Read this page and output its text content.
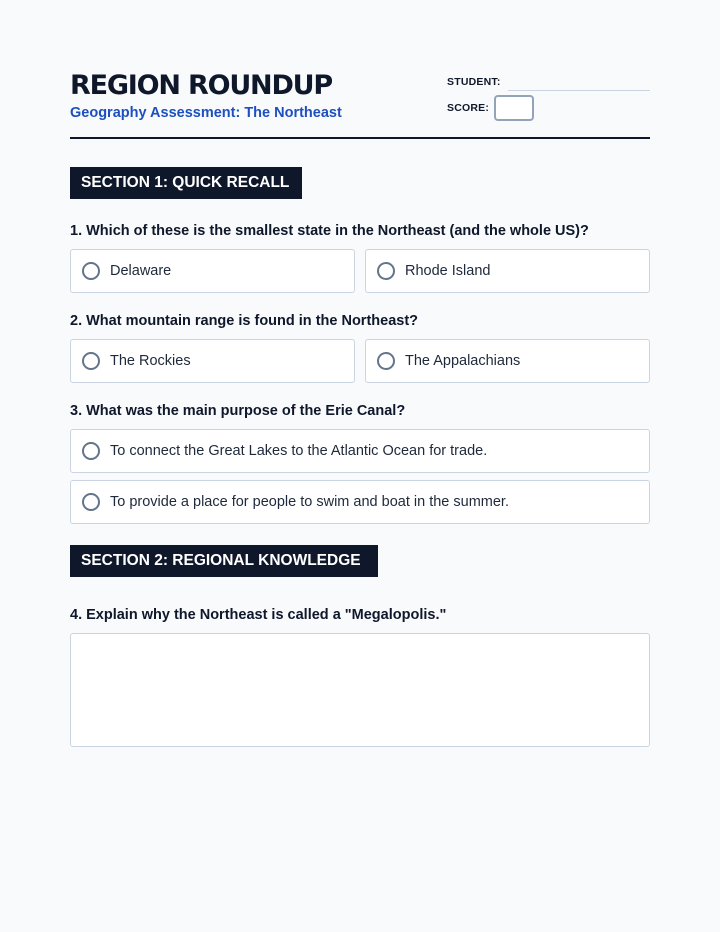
REGION ROUNDUP
Geography Assessment: The Northeast
STUDENT:
SCORE:
SECTION 1: QUICK RECALL

1. Which of these is the smallest state in the Northeast (and the whole US)?

Delaware	Rhode Island

2. What mountain range is found in the Northeast?

The Rockies	The Appalachians

3. What was the main purpose of the Erie Canal?

To connect the Great Lakes to the Atlantic Ocean for trade.
To provide a place for people to swim and boat in the summer.
SECTION 2: REGIONAL KNOWLEDGE

4. Explain why the Northeast is called a "Megalopolis."
